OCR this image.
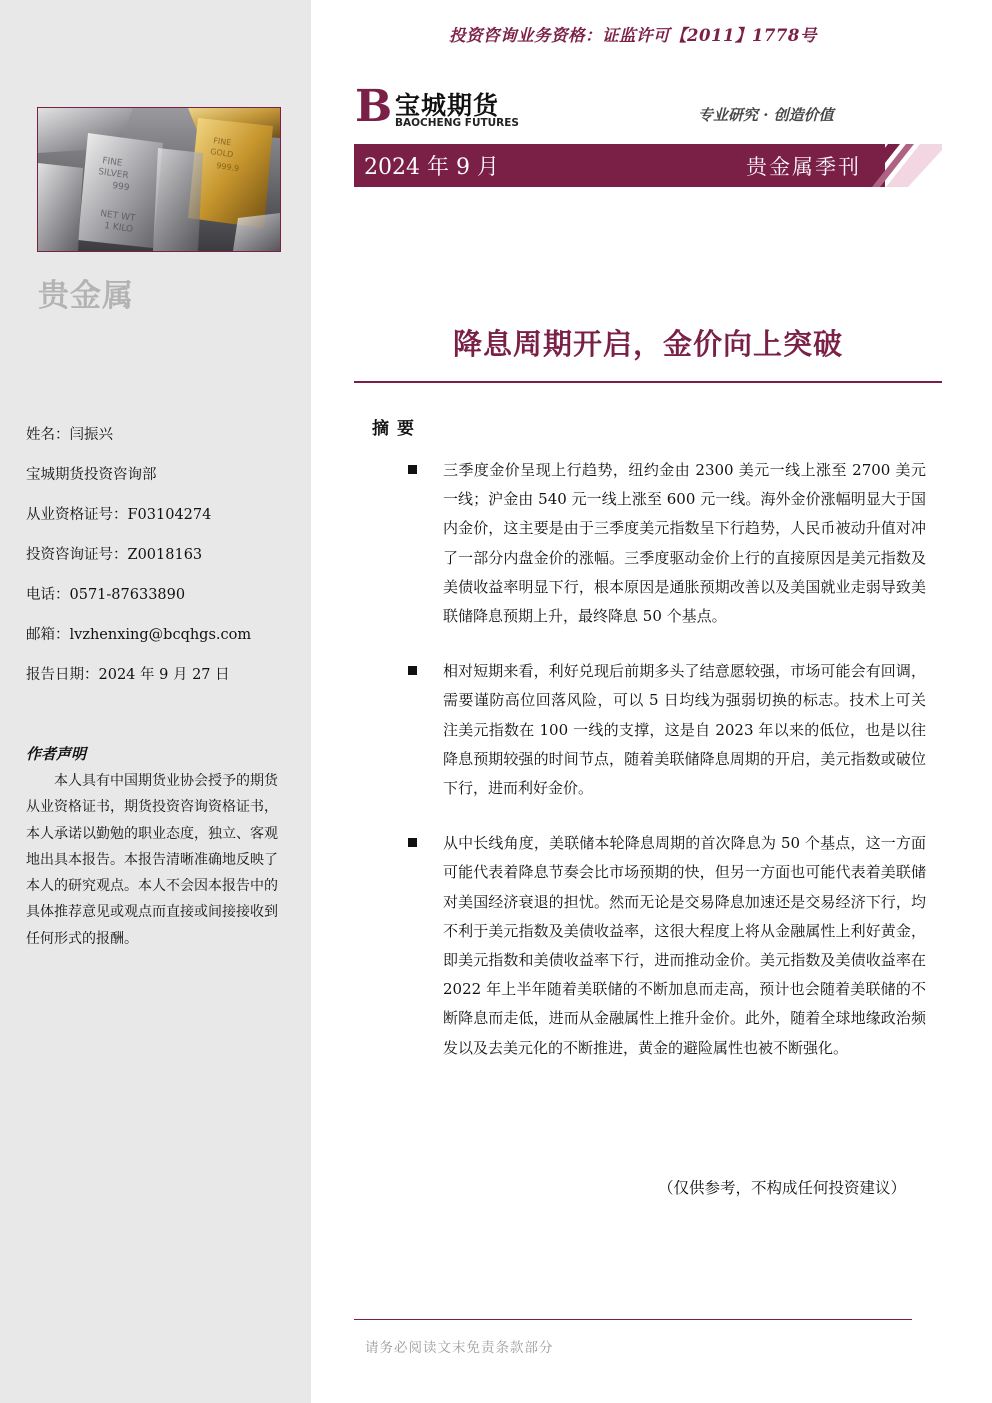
FINE
SILVER
999
NET WT
1 KILO
FINE
GOLD
999.9
贵金属
姓名：闫振兴
宝城期货投资咨询部
从业资格证号：F03104274
投资咨询证号：Z0018163
电话：0571-87633890
邮箱：lvzhenxing@bcqhgs.com
报告日期：2024 年 9 月 27 日
作者声明
本人具有中国期货业协会授予的期货从业资格证书，期货投资咨询资格证书，本人承诺以勤勉的职业态度，独立、客观地出具本报告。本报告清晰准确地反映了本人的研究观点。本人不会因本报告中的具体推荐意见或观点而直接或间接接收到任何形式的报酬。
投资咨询业务资格：证监许可【2011】1778号
B 宝城期货
BAOCHENG FUTURES	专业研究 · 创造价值
2024 年 9 月	贵金属季刊
降息周期开启，金价向上突破
摘要
三季度金价呈现上行趋势，纽约金由 2300 美元一线上涨至 2700 美元一线；沪金由 540 元一线上涨至 600 元一线。海外金价涨幅明显大于国内金价，这主要是由于三季度美元指数呈下行趋势，人民币被动升值对冲了一部分内盘金价的涨幅。三季度驱动金价上行的直接原因是美元指数及美债收益率明显下行，根本原因是通胀预期改善以及美国就业走弱导致美联储降息预期上升，最终降息 50 个基点。
相对短期来看，利好兑现后前期多头了结意愿较强，市场可能会有回调，需要谨防高位回落风险，可以 5 日均线为强弱切换的标志。技术上可关注美元指数在 100 一线的支撑，这是自 2023 年以来的低位，也是以往降息预期较强的时间节点，随着美联储降息周期的开启，美元指数或破位下行，进而利好金价。
从中长线角度，美联储本轮降息周期的首次降息为 50 个基点，这一方面可能代表着降息节奏会比市场预期的快，但另一方面也可能代表着美联储对美国经济衰退的担忧。然而无论是交易降息加速还是交易经济下行，均不利于美元指数及美债收益率，这很大程度上将从金融属性上利好黄金，即美元指数和美债收益率下行，进而推动金价。美元指数及美债收益率在 2022 年上半年随着美联储的不断加息而走高，预计也会随着美联储的不断降息而走低，进而从金融属性上推升金价。此外，随着全球地缘政治频发以及去美元化的不断推进，黄金的避险属性也被不断强化。
（仅供参考，不构成任何投资建议）
请务必阅读文末免责条款部分
